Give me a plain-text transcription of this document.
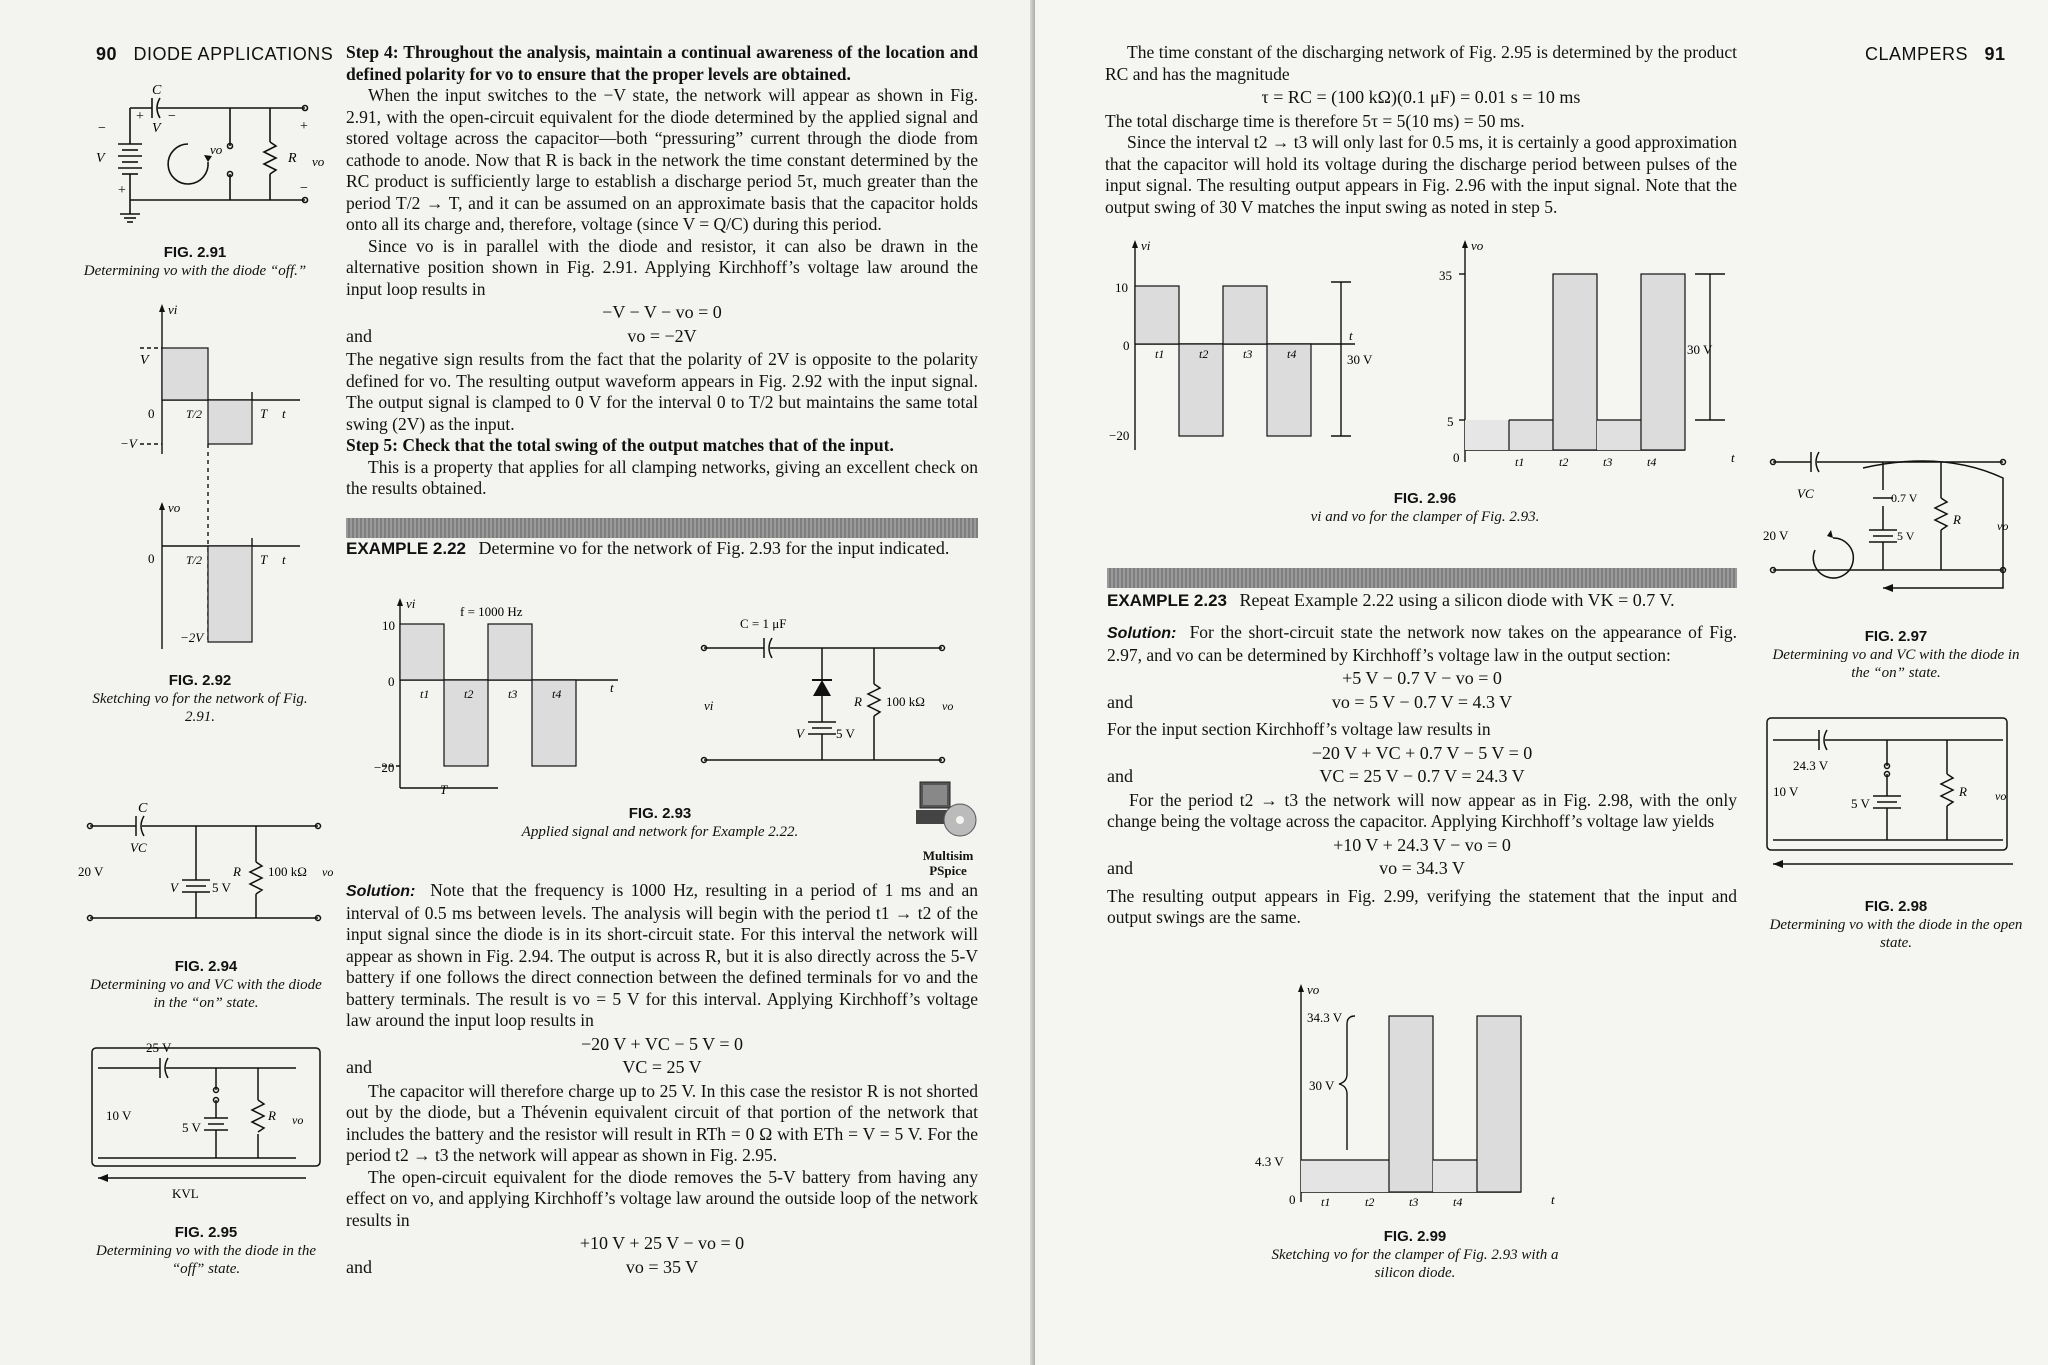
90 DIODE APPLICATIONS
C
V
V	R
vo
vo
+ −
+
−
+
−
FIG. 2.91
Determining vo with the diode “off.”
vi
vo
V
0
0
−V
T/2
T/2
T
T
t
t
−2V
FIG. 2.92
Sketching vo for the network of Fig. 2.91.
C
VC
20 V	R 100 kΩ vo
V	5 V
FIG. 2.94
Determining vo and VC with the diode in the “on” state.
25 V
10 V
5 V
R vo
KVL
FIG. 2.95
Determining vo with the diode in the “off” state.

Step 4: Throughout the analysis, maintain a continual awareness of the location and defined polarity for vo to ensure that the proper levels are obtained.

When the input switches to the −V state, the network will appear as shown in Fig. 2.91, with the open-circuit equivalent for the diode determined by the applied signal and stored voltage across the capacitor—both “pressuring” current through the diode from cathode to anode. Now that R is back in the network the time constant determined by the RC product is sufficiently large to establish a discharge period 5τ, much greater than the period T/2 → T, and it can be assumed on an approximate basis that the capacitor holds onto all its charge and, therefore, voltage (since V = Q/C) during this period.

Since vo is in parallel with the diode and resistor, it can also be drawn in the alternative position shown in Fig. 2.91. Applying Kirchhoff’s voltage law around the input loop results in

−V − V − vo = 0
and	vo = −2V

The negative sign results from the fact that the polarity of 2V is opposite to the polarity defined for vo. The resulting output waveform appears in Fig. 2.92 with the input signal. The output signal is clamped to 0 V for the interval 0 to T/2 but maintains the same total swing (2V) as the input.

Step 5: Check that the total swing of the output matches that of the input.

This is a property that applies for all clamping networks, giving an excellent check on the results obtained.

EXAMPLE 2.22 Determine vo for the network of Fig. 2.93 for the input indicated.
vi
f = 1000 Hz
10
0
−20
t1	t2	t3	t4	t
T
C = 1 μF
vi	R 100 kΩ vo
V 5 V
FIG. 2.93
Applied signal and network for Example 2.22.
Multisim
PSpice

Solution: Note that the frequency is 1000 Hz, resulting in a period of 1 ms and an interval of 0.5 ms between levels. The analysis will begin with the period t1 → t2 of the input signal since the diode is in its short-circuit state. For this interval the network will appear as shown in Fig. 2.94. The output is across R, but it is also directly across the 5-V battery if one follows the direct connection between the defined terminals for vo and the battery terminals. The result is vo = 5 V for this interval. Applying Kirchhoff’s voltage law around the input loop results in

−20 V + VC − 5 V = 0
and	VC = 25 V

The capacitor will therefore charge up to 25 V. In this case the resistor R is not shorted out by the diode, but a Thévenin equivalent circuit of that portion of the network that includes the battery and the resistor will result in RTh = 0 Ω with ETh = V = 5 V. For the period t2 → t3 the network will appear as shown in Fig. 2.95.

The open-circuit equivalent for the diode removes the 5-V battery from having any effect on vo, and applying Kirchhoff’s voltage law around the outside loop of the network results in

+10 V + 25 V − vo = 0
and	vo = 35 V
CLAMPERS 91

The time constant of the discharging network of Fig. 2.95 is determined by the product RC and has the magnitude

τ = RC = (100 kΩ)(0.1 μF) = 0.01 s = 10 ms

The total discharge time is therefore 5τ = 5(10 ms) = 50 ms.

Since the interval t2 → t3 will only last for 0.5 ms, it is certainly a good approximation that the capacitor will hold its voltage during the discharge period between pulses of the input signal. The resulting output appears in Fig. 2.96 with the input signal. Note that the output swing of 30 V matches the input swing as noted in step 5.

vi
10
0
−20
t1	t2	t3	t4
t
30 V
vo
35
5
0	t1	t2	t3	t4	t
30 V
FIG. 2.96
vi and vo for the clamper of Fig. 2.93.
EXAMPLE 2.23 Repeat Example 2.22 using a silicon diode with VK = 0.7 V.

Solution: For the short-circuit state the network now takes on the appearance of Fig. 2.97, and vo can be determined by Kirchhoff’s voltage law in the output section:

+5 V − 0.7 V − vo = 0
and	vo = 5 V − 0.7 V = 4.3 V

For the input section Kirchhoff’s voltage law results in

−20 V + VC + 0.7 V − 5 V = 0
and	VC = 25 V − 0.7 V = 24.3 V

For the period t2 → t3 the network will now appear as in Fig. 2.98, with the only change being the voltage across the capacitor. Applying Kirchhoff’s voltage law yields

+10 V + 24.3 V − vo = 0
and	vo = 34.3 V

The resulting output appears in Fig. 2.99, verifying the statement that the input and output swings are the same.

vo
34.3 V
30 V
4.3 V
0 t1	t2	t3	t4	t
FIG. 2.99
Sketching vo for the clamper of Fig. 2.93 with a silicon diode.
VC
20 V
0.7 V
5 V
R	vo
FIG. 2.97
Determining vo and VC with the diode in the “on” state.
24.3 V
10 V
5 V
R vo
FIG. 2.98
Determining vo with the diode in the open state.
